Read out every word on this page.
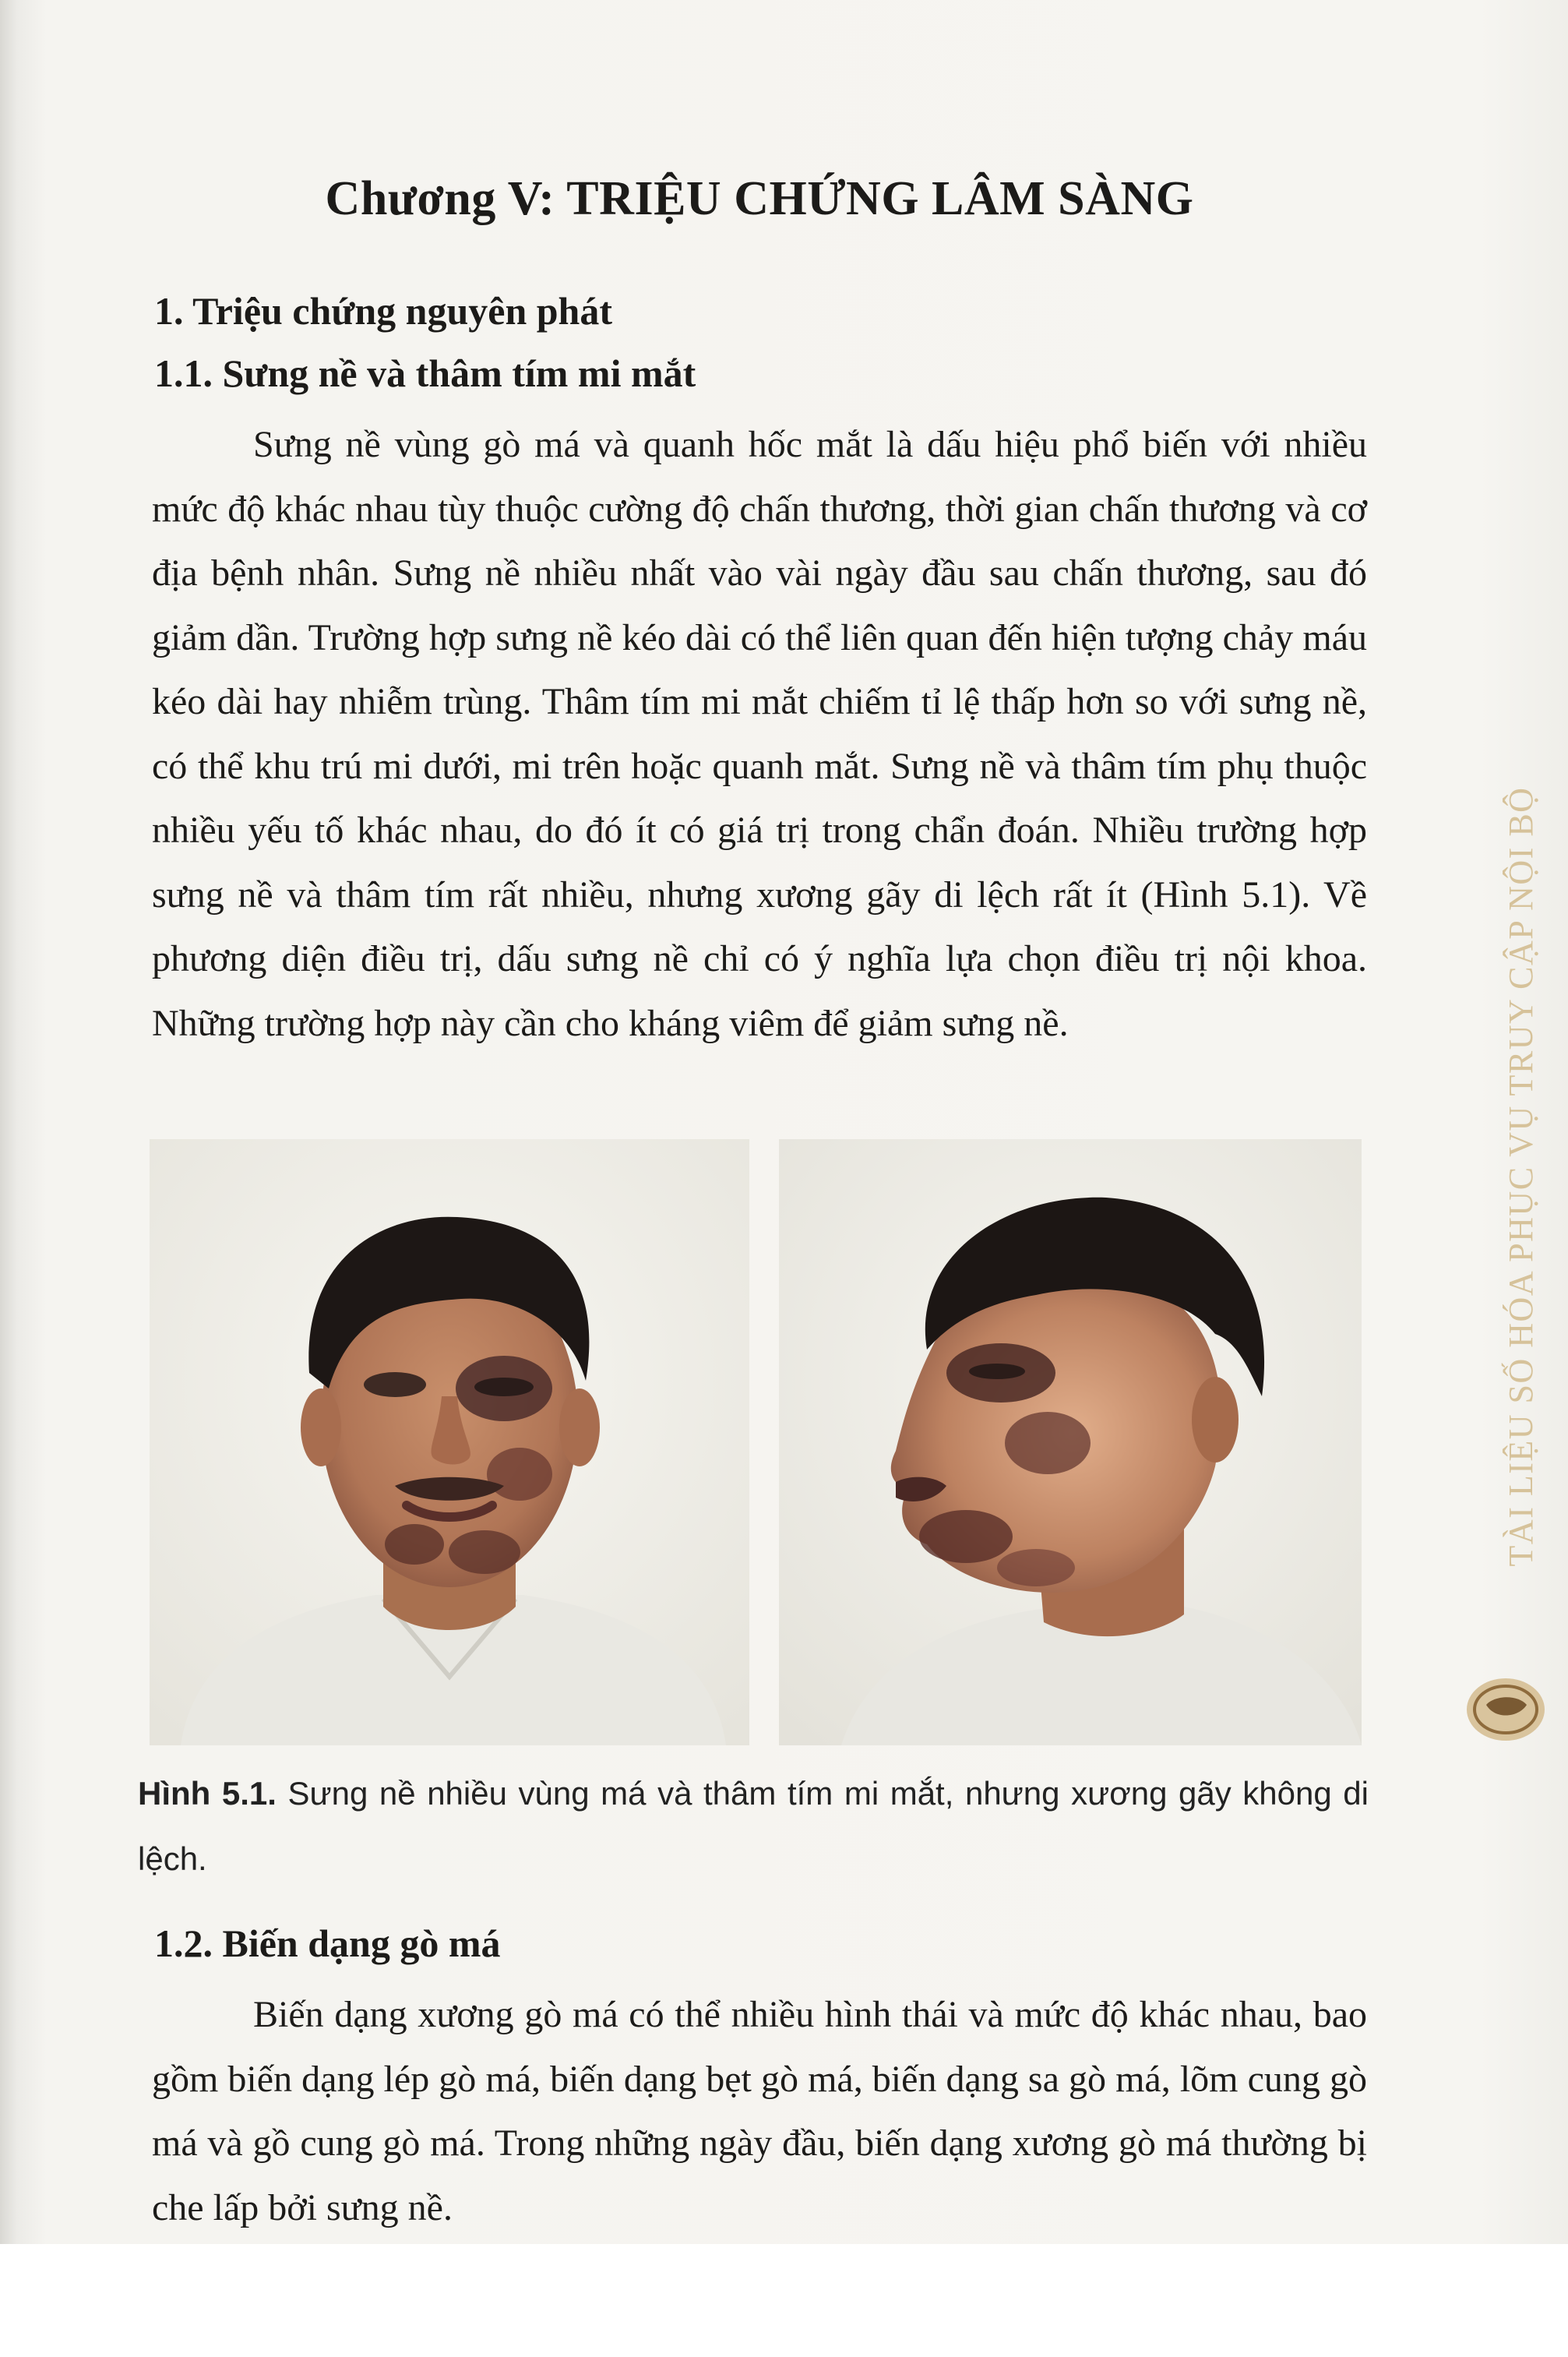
Chương V: TRIỆU CHỨNG LÂM SÀNG
1. Triệu chứng nguyên phát
1.1. Sưng nề và thâm tím mi mắt

Sưng nề vùng gò má và quanh hốc mắt là dấu hiệu phổ biến với nhiều mức độ khác nhau tùy thuộc cường độ chấn thương, thời gian chấn thương và cơ địa bệnh nhân. Sưng nề nhiều nhất vào vài ngày đầu sau chấn thương, sau đó giảm dần. Trường hợp sưng nề kéo dài có thể liên quan đến hiện tượng chảy máu kéo dài hay nhiễm trùng. Thâm tím mi mắt chiếm tỉ lệ thấp hơn so với sưng nề, có thể khu trú mi dưới, mi trên hoặc quanh mắt. Sưng nề và thâm tím phụ thuộc nhiều yếu tố khác nhau, do đó ít có giá trị trong chẩn đoán. Nhiều trường hợp sưng nề và thâm tím rất nhiều, nhưng xương gãy di lệch rất ít (Hình 5.1). Về phương diện điều trị, dấu sưng nề chỉ có ý nghĩa lựa chọn điều trị nội khoa. Những trường hợp này cần cho kháng viêm để giảm sưng nề.

Hình 5.1. Sưng nề nhiều vùng má và thâm tím mi mắt, nhưng xương gãy không di lệch.
1.2. Biến dạng gò má

Biến dạng xương gò má có thể nhiều hình thái và mức độ khác nhau, bao gồm biến dạng lép gò má, biến dạng bẹt gò má, biến dạng sa gò má, lõm cung gò má và gồ cung gò má. Trong những ngày đầu, biến dạng xương gò má thường bị che lấp bởi sưng nề.

TÀI LIỆU SỐ HÓA PHỤC VỤ TRUY CẬP NỘI BỘ
